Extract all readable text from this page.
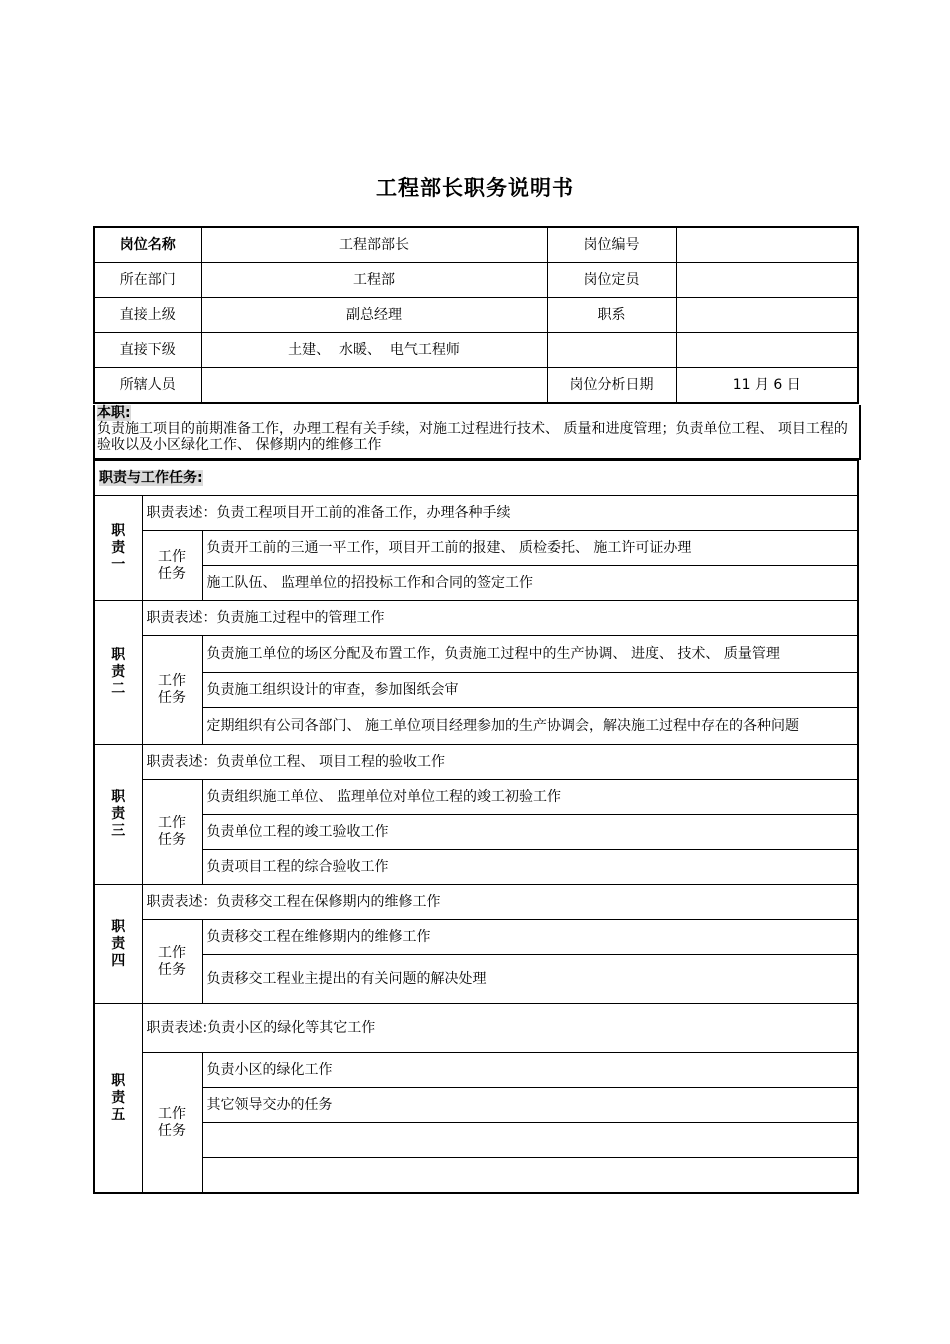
工程部长职务说明书
岗位名称	工程部部长	岗位编号	
所在部门	工程部	岗位定员	
直接上级	副总经理	职系	
直接下级	土建、  水暖、  电气工程师		
所辖人员		岗位分析日期	11 月 6 日
本职:
负责施工项目的前期准备工作，办理工程有关手续，对施工过程进行技术、 质量和进度管理；负责单位工程、 项目工程的验收以及小区绿化工作、 保修期内的维修工作
职责与工作任务:		
职
责
一	职责表述：负责工程项目开工前的准备工作，办理各种手续	
	工作
任务	负责开工前的三通一平工作，项目开工前的报建、 质检委托、 施工许可证办理
		施工队伍、 监理单位的招投标工作和合同的签定工作
职
责
二	职责表述：负责施工过程中的管理工作	
	工作
任务	负责施工单位的场区分配及布置工作，负责施工过程中的生产协调、 进度、 技术、 质量管理
		负责施工组织设计的审查，参加图纸会审
		定期组织有公司各部门、 施工单位项目经理参加的生产协调会，解决施工过程中存在的各种问题
职
责
三	职责表述：负责单位工程、 项目工程的验收工作	
	工作
任务	负责组织施工单位、 监理单位对单位工程的竣工初验工作
		负责单位工程的竣工验收工作
		负责项目工程的综合验收工作
职
责
四	职责表述：负责移交工程在保修期内的维修工作	
	工作
任务	负责移交工程在维修期内的维修工作
		负责移交工程业主提出的有关问题的解决处理
职
责
五	职责表述:负责小区的绿化等其它工作	
	工作
任务	负责小区的绿化工作
		其它领导交办的任务
